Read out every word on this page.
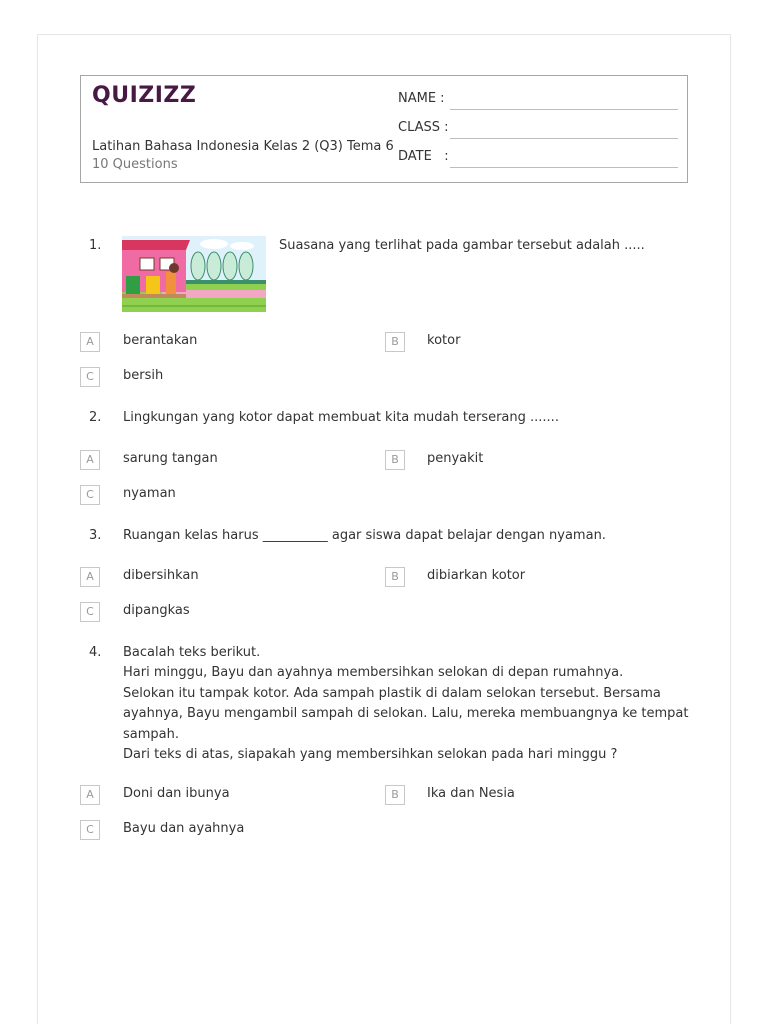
QUIZIZZ
Latihan Bahasa Indonesia Kelas 2 (Q3) Tema 6
10 Questions
NAME :
CLASS :
DATE   :
1.	Suasana yang terlihat pada gambar tersebut adalah .....
A	berantakan	B	kotor
C	bersih
2. Lingkungan yang kotor dapat membuat kita mudah terserang .......
A	sarung tangan	B	penyakit
C	nyaman
3. Ruangan kelas harus __________ agar siswa dapat belajar dengan nyaman.
A	dibersihkan	B	dibiarkan kotor
C	dipangkas
4. Bacalah teks berikut.
Hari minggu, Bayu dan ayahnya membersihkan selokan di depan rumahnya.
Selokan itu tampak kotor. Ada sampah plastik di dalam selokan tersebut. Bersama
ayahnya, Bayu mengambil sampah di selokan. Lalu, mereka membuangnya ke tempat
sampah.
Dari teks di atas, siapakah yang membersihkan selokan pada hari minggu ?
A	Doni dan ibunya	B	Ika dan Nesia
C	Bayu dan ayahnya
